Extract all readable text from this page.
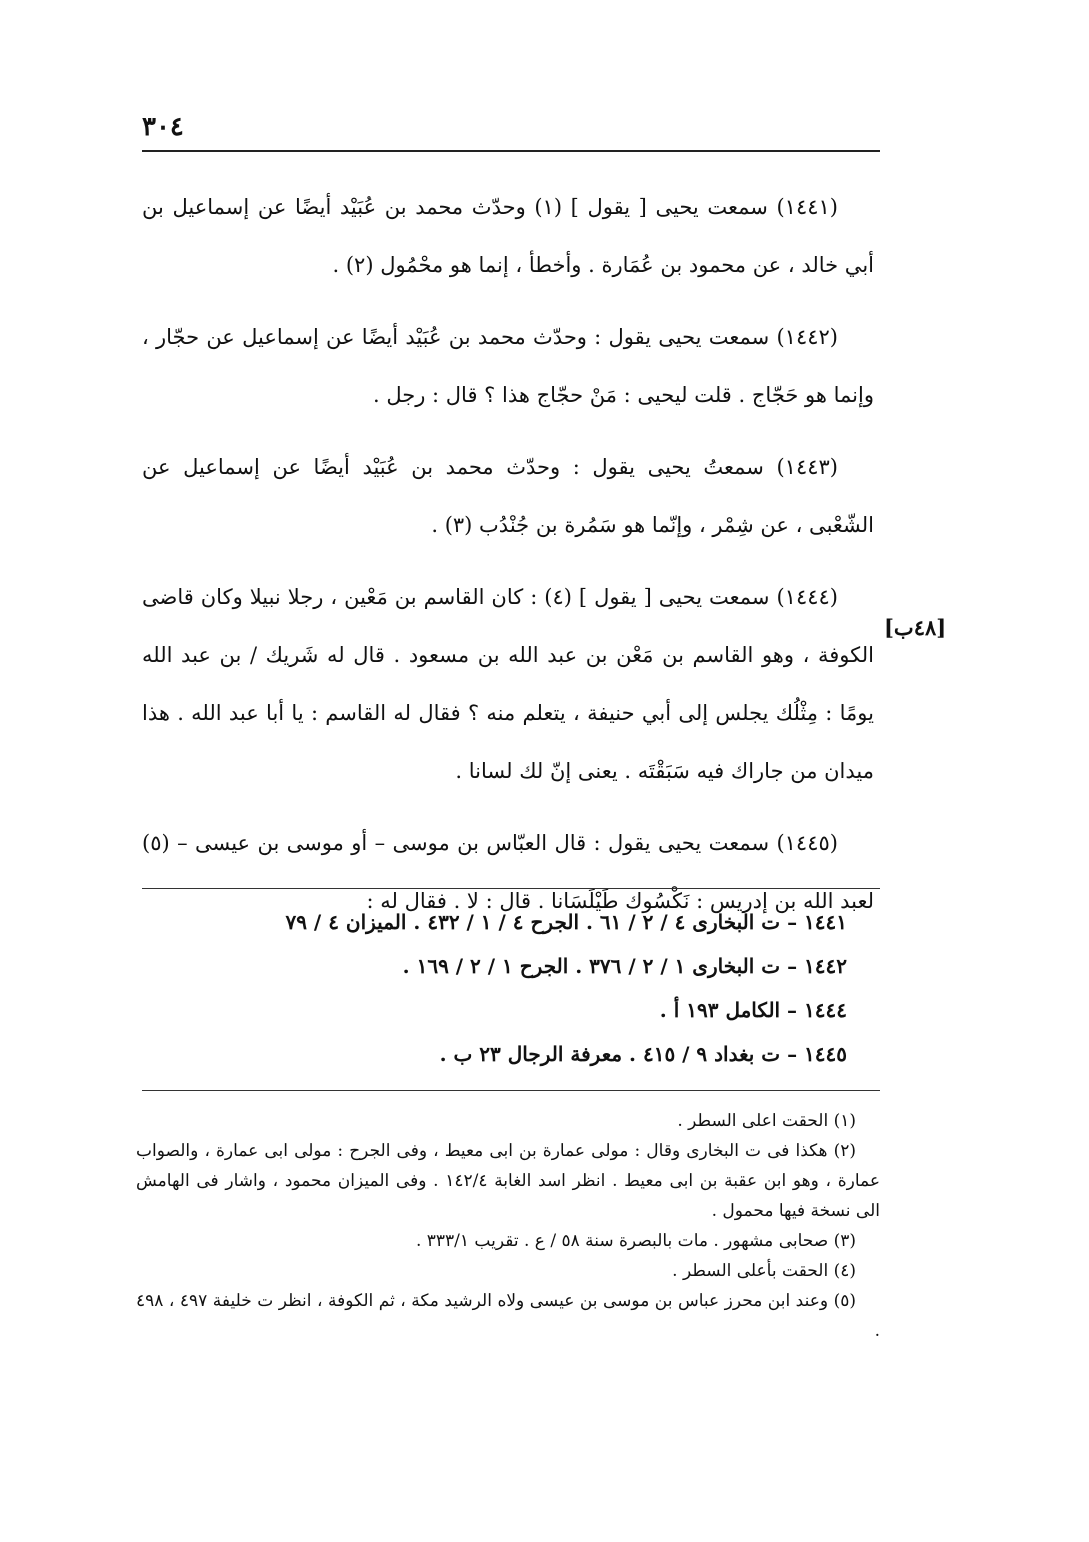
٣٠٤

(١٤٤١) سمعت يحيى [ يقول ] (١) وحدّث محمد بن عُبَيْد أيضًا عن إسماعيل بن أبي خالد ، عن محمود بن عُمَارة . وأخطأ ، إنما هو محْمُول (٢) .

(١٤٤٢) سمعت يحيى يقول : وحدّث محمد بن عُبَيْد أيضًا عن إسماعيل عن حجّار ، وإنما هو حَجّاج . قلت ليحيى : مَنْ حجّاج هذا ؟ قال : رجل .

(١٤٤٣) سمعتُ يحيى يقول : وحدّث محمد بن عُبَيْد أيضًا عن إسماعيل عن الشّعْبى ، عن شِمْر ، وإنّما هو سَمُرة بن جُنْدُب (٣) .

(١٤٤٤) سمعت يحيى [ يقول ] (٤) : كان القاسم بن مَعْين ، رجلا نبيلا وكان قاضى الكوفة ، وهو القاسم بن مَعْن بن عبد الله بن مسعود . قال له شَريك / بن عبد الله يومًا : مِثْلُك يجلس إلى أبي حنيفة ، يتعلم منه ؟ فقال له القاسم : يا أبا عبد الله . هذا ميدان من جاراك فيه سَبَقْتَه . يعنى إنّ لك لسانا .

(١٤٤٥) سمعت يحيى يقول : قال العبّاس بن موسى – أو موسى بن عيسى – (٥) لعبد الله بن إدريس : نَكْسُوك طَيْلَسَانا . قال : لا . فقال له :

[٤٨ب]
١٤٤١ – ت البخارى ٤ / ٢ / ٦١ . الجرح ٤ / ١ / ٤٣٢ . الميزان ٤ / ٧٩
١٤٤٢ – ت البخارى ١ / ٢ / ٣٧٦ . الجرح ١ / ٢ / ١٦٩ .
١٤٤٤ – الكامل ١٩٣ أ .
١٤٤٥ – ت بغداد ٩ / ٤١٥ . معرفة الرجال ٢٣ ب .
(١) الحقت اعلى السطر .
(٢) هكذا فى ت البخارى وقال : مولى عمارة بن ابى معيط ، وفى الجرح : مولى ابى عمارة ، والصواب عمارة ، وهو ابن عقبة بن ابى معيط . انظر اسد الغابة ١٤٢/٤ . وفى الميزان محمود ، واشار فى الهامش الى نسخة فيها محمول .
(٣) صحابى مشهور . مات بالبصرة سنة ٥٨ / ع . تقريب ٣٣٣/١ .
(٤) الحقت بأعلى السطر .
(٥) وعند ابن محرز عباس بن موسى بن عيسى ولاه الرشيد مكة ، ثم الكوفة ، انظر ت خليفة ٤٩٧ ، ٤٩٨ .
